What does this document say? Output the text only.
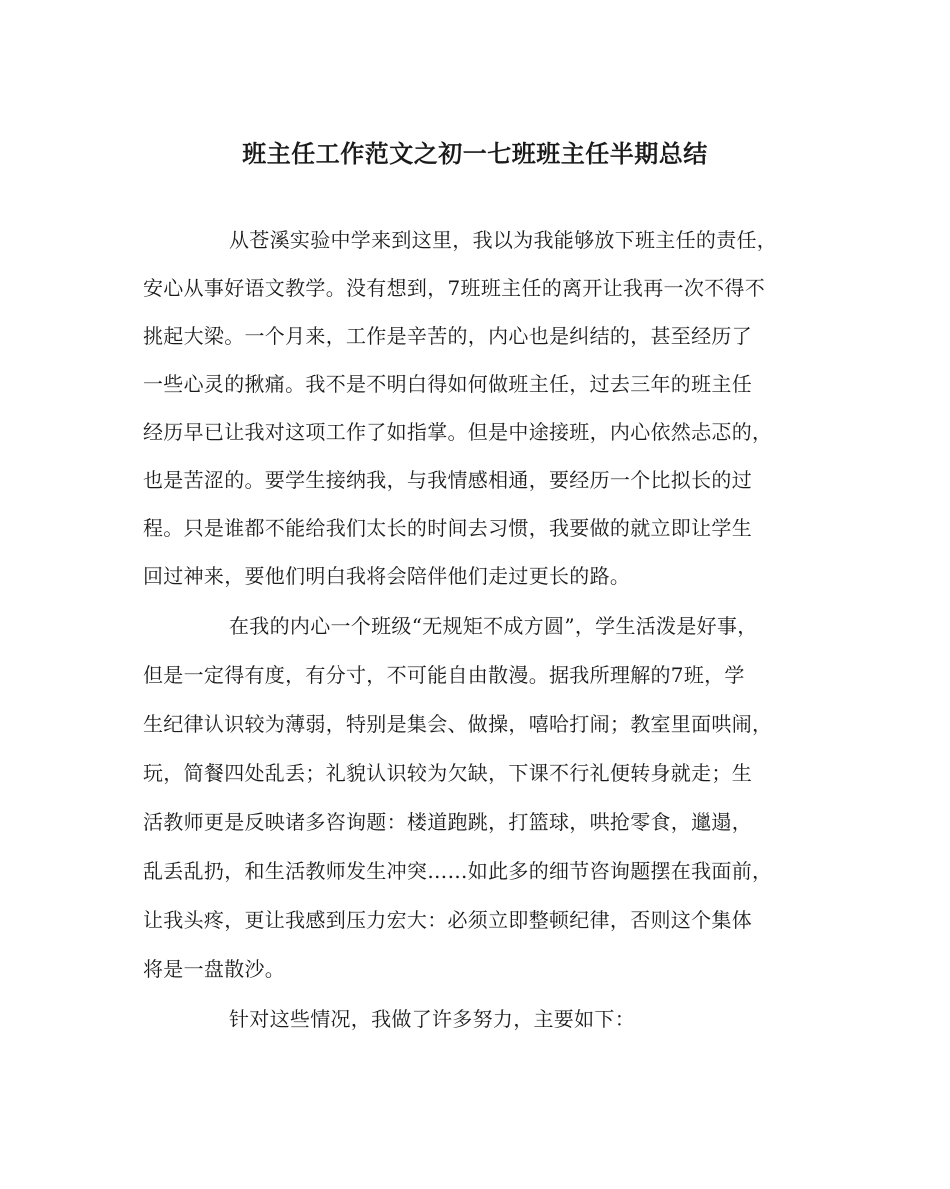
班主任工作范文之初一七班班主任半期总结
从苍溪实验中学来到这里，我以为我能够放下班主任的责任，
安心从事好语文教学。没有想到，7班班主任的离开让我再一次不得不
挑起大梁。一个月来，工作是辛苦的，内心也是纠结的，甚至经历了
一些心灵的揪痛。我不是不明白得如何做班主任，过去三年的班主任
经历早已让我对这项工作了如指掌。但是中途接班，内心依然忐忑的，
也是苦涩的。要学生接纳我，与我情感相通，要经历一个比拟长的过
程。只是谁都不能给我们太长的时间去习惯，我要做的就立即让学生
回过神来，要他们明白我将会陪伴他们走过更长的路。
在我的内心一个班级“无规矩不成方圆”，学生活泼是好事，
但是一定得有度，有分寸，不可能自由散漫。据我所理解的7班，学
生纪律认识较为薄弱，特别是集会、做操，嘻哈打闹；教室里面哄闹，
玩，简餐四处乱丢；礼貌认识较为欠缺，下课不行礼便转身就走；生
活教师更是反映诸多咨询题：楼道跑跳，打篮球，哄抢零食，邋遢，
乱丢乱扔，和生活教师发生冲突……如此多的细节咨询题摆在我面前，
让我头疼，更让我感到压力宏大：必须立即整顿纪律，否则这个集体
将是一盘散沙。
针对这些情况，我做了许多努力，主要如下：
